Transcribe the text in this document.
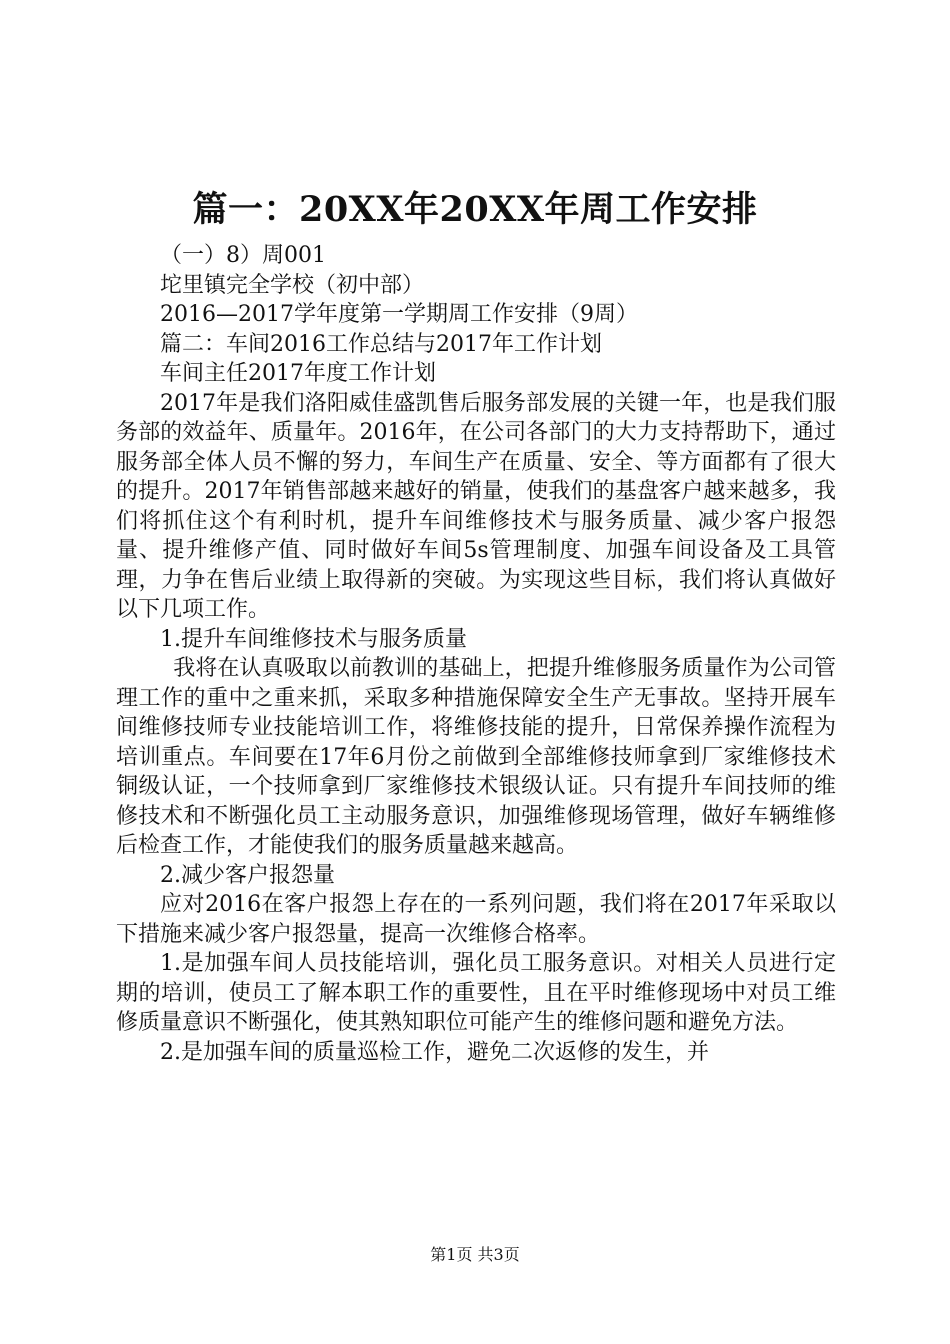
篇一：20XX年20XX年周工作安排

（一）8）周001

坨里镇完全学校（初中部）

2016—2017学年度第一学期周工作安排（9周）

篇二：车间2016工作总结与2017年工作计划

车间主任2017年度工作计划

2017年是我们洛阳威佳盛凯售后服务部发展的关键一年，也是我们服务部的效益年、质量年。2016年，在公司各部门的大力支持帮助下，通过服务部全体人员不懈的努力，车间生产在质量、安全、等方面都有了很大的提升。2017年销售部越来越好的销量，使我们的基盘客户越来越多，我们将抓住这个有利时机，提升车间维修技术与服务质量、减少客户报怨量、提升维修产值、同时做好车间5s管理制度、加强车间设备及工具管理，力争在售后业绩上取得新的突破。为实现这些目标，我们将认真做好以下几项工作。

1.提升车间维修技术与服务质量

我将在认真吸取以前教训的基础上，把提升维修服务质量作为公司管理工作的重中之重来抓，采取多种措施保障安全生产无事故。坚持开展车间维修技师专业技能培训工作，将维修技能的提升，日常保养操作流程为培训重点。车间要在17年6月份之前做到全部维修技师拿到厂家维修技术铜级认证，一个技师拿到厂家维修技术银级认证。只有提升车间技师的维修技术和不断强化员工主动服务意识，加强维修现场管理，做好车辆维修后检查工作，才能使我们的服务质量越来越高。

2.减少客户报怨量

应对2016在客户报怨上存在的一系列问题，我们将在2017年采取以下措施来减少客户报怨量，提高一次维修合格率。

1.是加强车间人员技能培训，强化员工服务意识。对相关人员进行定期的培训，使员工了解本职工作的重要性，且在平时维修现场中对员工维修质量意识不断强化，使其熟知职位可能产生的维修问题和避免方法。

2.是加强车间的质量巡检工作，避免二次返修的发生，并

第1页 共3页
